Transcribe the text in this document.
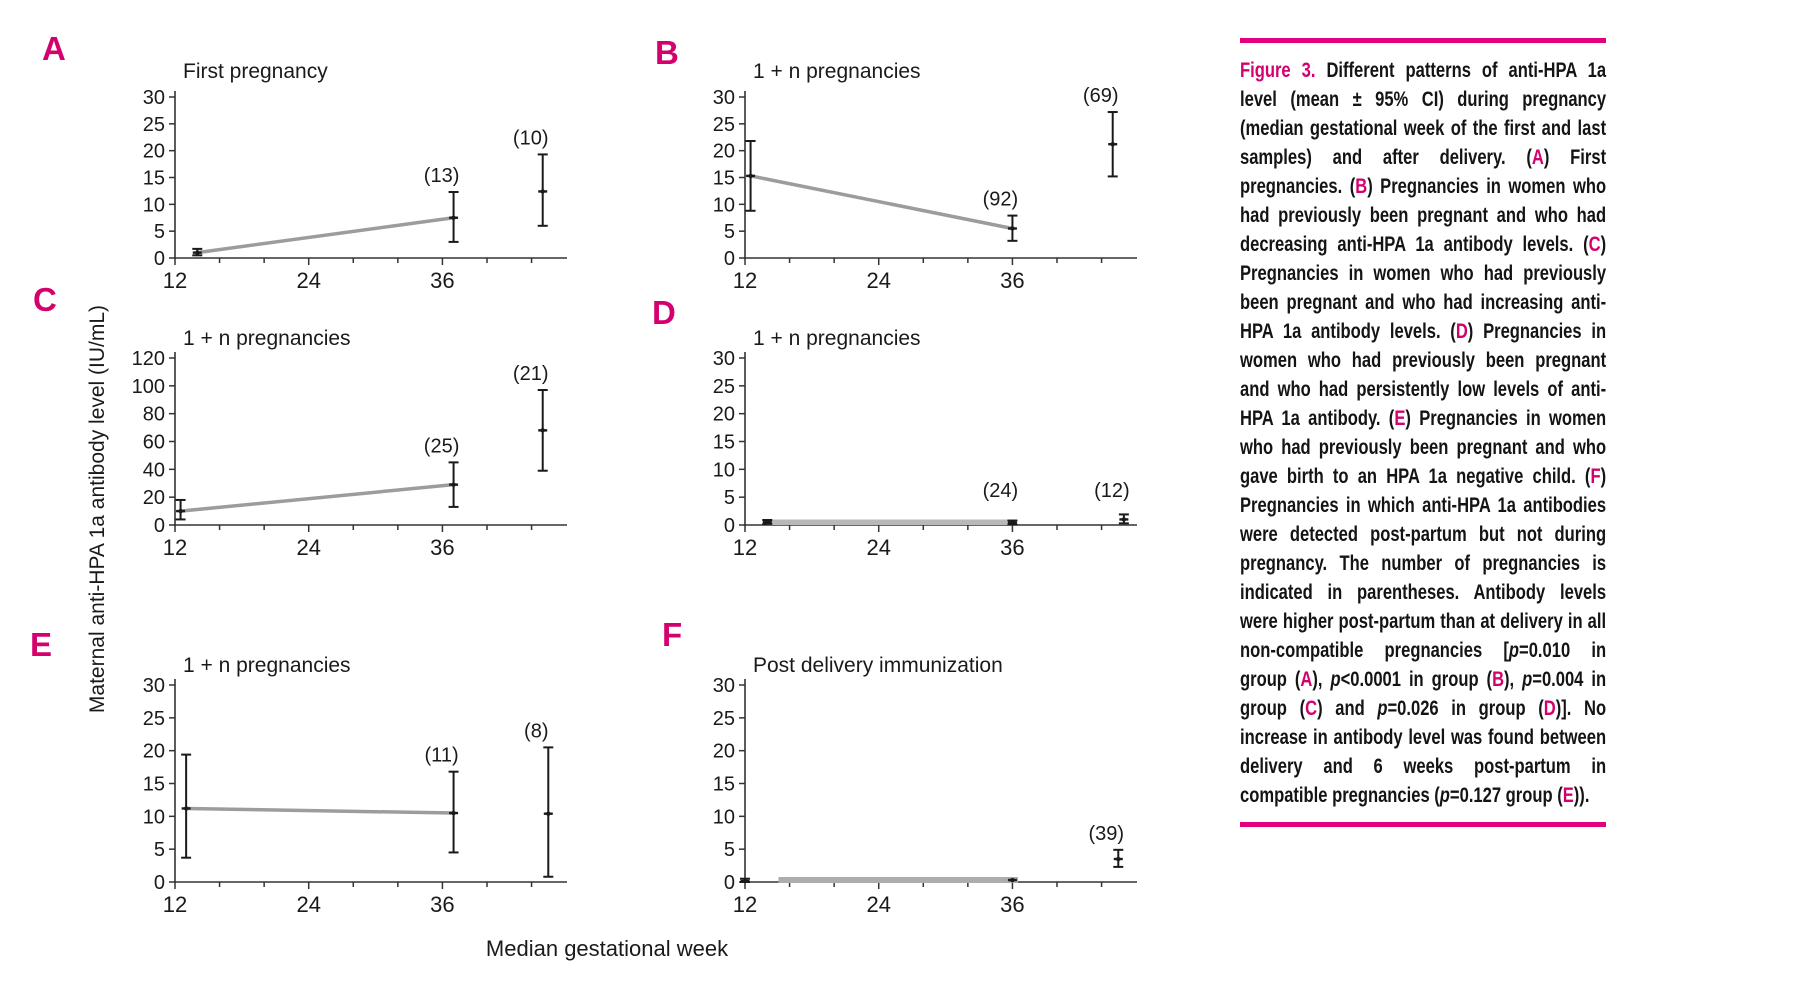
Maternal anti-HPA 1a antibody level (IU/mL)
Median gestational week
A
First pregnancy
0
5
10
15
20
25
30
12	24	36
(13)
(10)
B
1 + n pregnancies
0
5
10
15
20
25
30
12	24	36
(92)
(69)
C
1 + n pregnancies
0
20
40
60
80
100
120
12	24	36
(25)
(21)
D
1 + n pregnancies
0
5
10
15
20
25
30
12	24	36
(24)	(12)
E
1 + n pregnancies
0
5
10
15
20
25
30
12	24	36
(11)
(8)
F
Post delivery immunization
0
5
10
15
20
25
30
12	24	36
(39)

Figure 3. Different patterns of anti-HPA 1a level (mean ± 95% CI) during pregnancy (median gestational week of the first and last samples) and after delivery. (A) First pregnancies. (B) Pregnancies in women who had previously been pregnant and who had decreasing anti-HPA 1a antibody levels. (C) Pregnancies in women who had previously been pregnant and who had increasing anti-HPA 1a antibody levels. (D) Pregnancies in women who had previously been pregnant and who had persistently low levels of anti-HPA 1a antibody. (E) Pregnancies in women who had previously been pregnant and who gave birth to an HPA 1a negative child. (F) Pregnancies in which anti-HPA 1a antibodies were detected post-partum but not during pregnancy. The number of pregnancies is indicated in parentheses. Antibody levels were higher post-partum than at delivery in all non-compatible pregnancies [p=0.010 in group (A), p<0.0001 in group (B), p=0.004 in group (C) and p=0.026 in group (D)]. No increase in antibody level was found between delivery and 6 weeks post-partum in compatible pregnancies (p=0.127 group (E)).
